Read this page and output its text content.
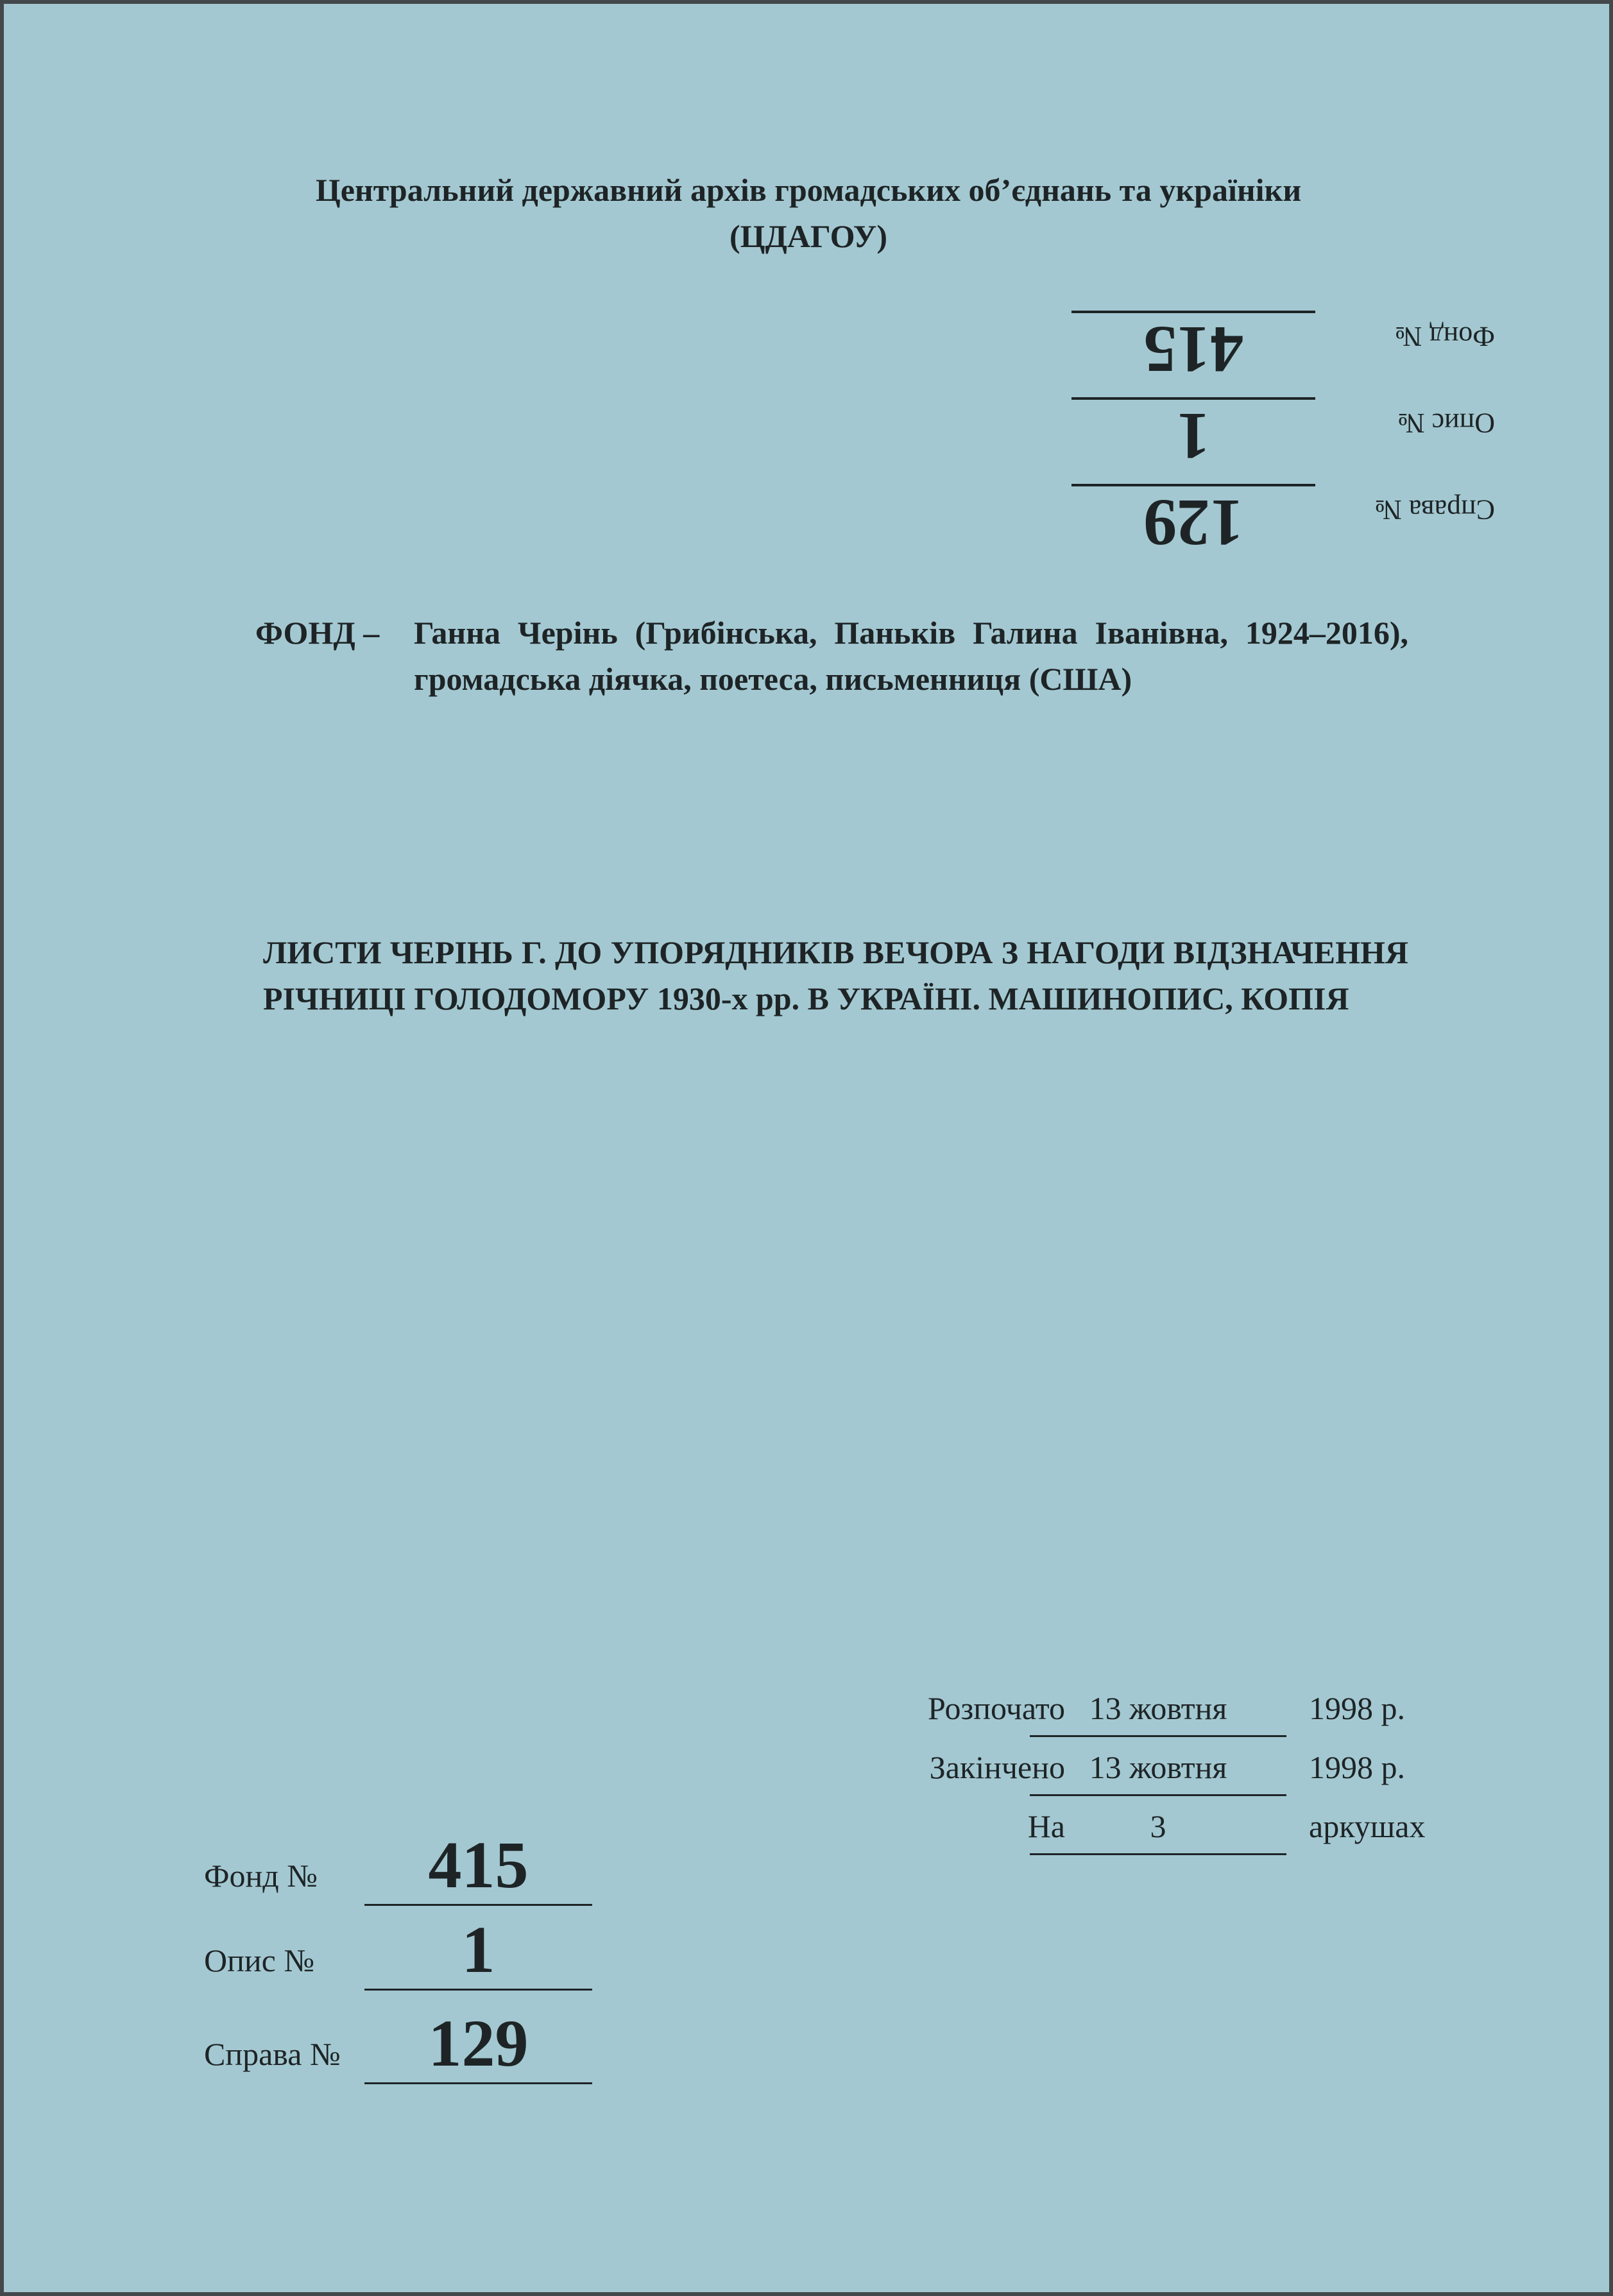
Центральний державний архів громадських об’єднань та україніки
(ЦДАГОУ)
Справа №
129
Опис №
1
Фонд №
415
ФОНД – Ганна Черінь (Грибінська, Паньків Галина Іванівна, 1924–2016), громадська діячка, поетеса, письменниця (США)
ЛИСТИ ЧЕРІНЬ Г. ДО УПОРЯДНИКІВ ВЕЧОРА З НАГОДИ ВІДЗНАЧЕННЯ РІЧНИЦІ ГОЛОДОМОРУ 1930-х рр. В УКРАЇНІ. МАШИНОПИС, КОПІЯ
Розпочато 13 жовтня	1998 р.
Закінчено 13 жовтня	1998 р.
На	3	аркушах
Фонд №	415
Опис №	1
Справа №	129
